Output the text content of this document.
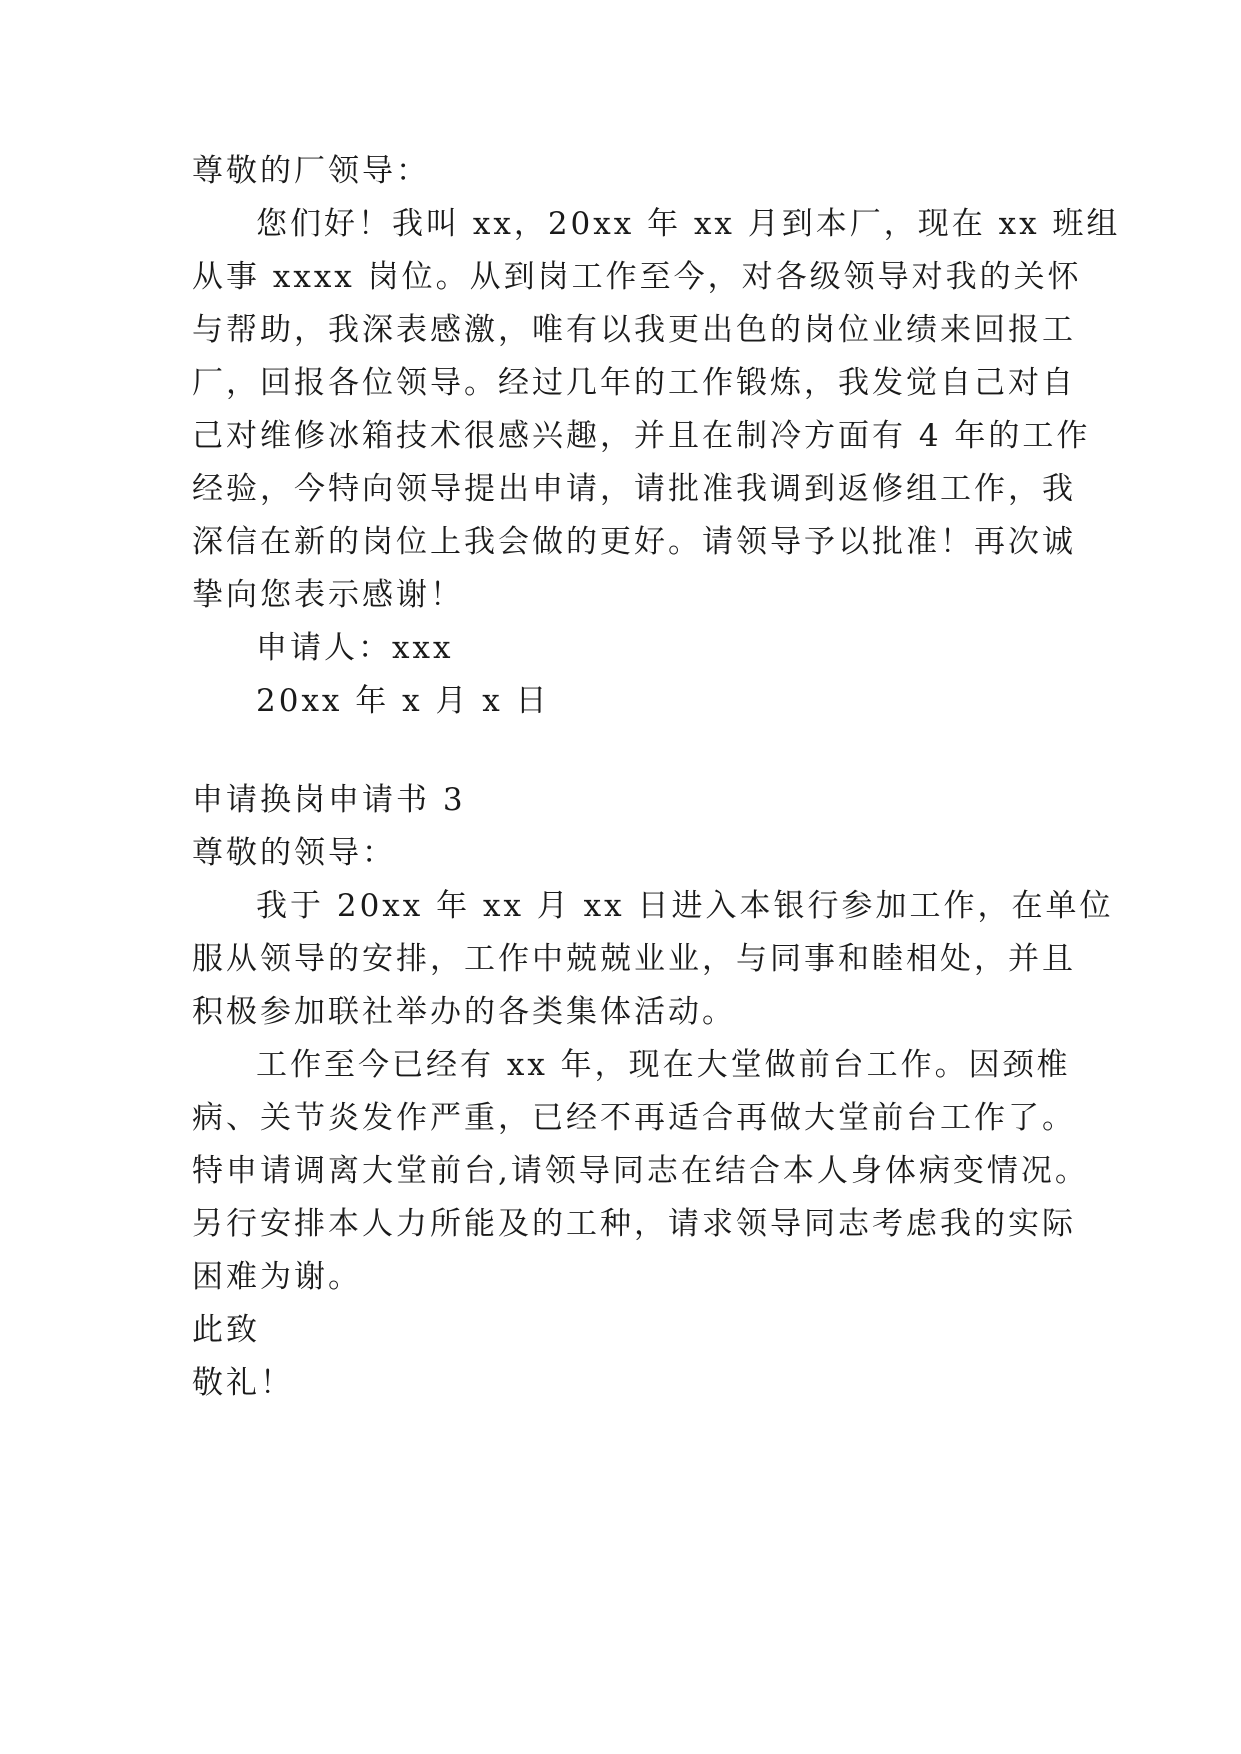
尊敬的厂领导：
您们好！我叫 xx，20xx 年 xx 月到本厂，现在 xx 班组
从事 xxxx 岗位。从到岗工作至今，对各级领导对我的关怀
与帮助，我深表感激，唯有以我更出色的岗位业绩来回报工
厂，回报各位领导。经过几年的工作锻炼，我发觉自己对自
己对维修冰箱技术很感兴趣，并且在制冷方面有 4 年的工作
经验，今特向领导提出申请，请批准我调到返修组工作，我
深信在新的岗位上我会做的更好。请领导予以批准！再次诚
挚向您表示感谢！
申请人：xxx
20xx 年 x 月 x 日
申请换岗申请书 3
尊敬的领导：
我于 20xx 年 xx 月 xx 日进入本银行参加工作，在单位
服从领导的安排，工作中兢兢业业，与同事和睦相处，并且
积极参加联社举办的各类集体活动。
工作至今已经有 xx 年，现在大堂做前台工作。因颈椎
病、关节炎发作严重，已经不再适合再做大堂前台工作了。
特申请调离大堂前台,请领导同志在结合本人身体病变情况。
另行安排本人力所能及的工种，请求领导同志考虑我的实际
困难为谢。
此致
敬礼！
